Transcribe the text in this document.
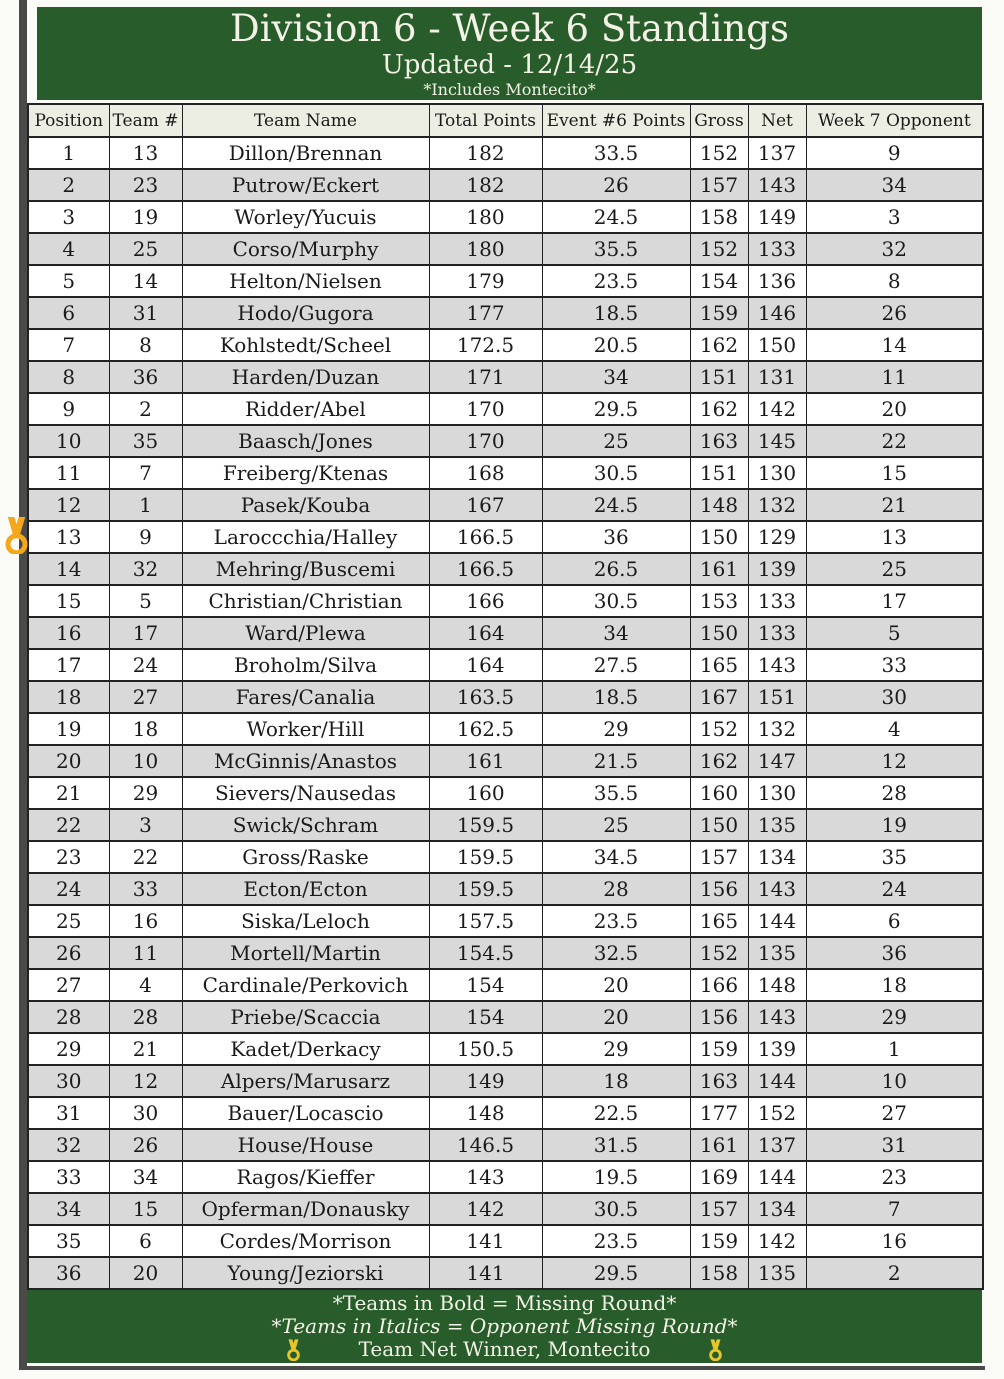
Division 6 - Week 6 Standings
Updated - 12/14/25
*Includes Montecito*
Position	Team #	Team Name	Total Points	Event #6 Points	Gross	Net	Week 7 Opponent
1	13	Dillon/Brennan	182	33.5	152	137	9
2	23	Putrow/Eckert	182	26	157	143	34
3	19	Worley/Yucuis	180	24.5	158	149	3
4	25	Corso/Murphy	180	35.5	152	133	32
5	14	Helton/Nielsen	179	23.5	154	136	8
6	31	Hodo/Gugora	177	18.5	159	146	26
7	8	Kohlstedt/Scheel	172.5	20.5	162	150	14
8	36	Harden/Duzan	171	34	151	131	11
9	2	Ridder/Abel	170	29.5	162	142	20
10	35	Baasch/Jones	170	25	163	145	22
11	7	Freiberg/Ktenas	168	30.5	151	130	15
12	1	Pasek/Kouba	167	24.5	148	132	21
13	9	Laroccchia/Halley	166.5	36	150	129	13
14	32	Mehring/Buscemi	166.5	26.5	161	139	25
15	5	Christian/Christian	166	30.5	153	133	17
16	17	Ward/Plewa	164	34	150	133	5
17	24	Broholm/Silva	164	27.5	165	143	33
18	27	Fares/Canalia	163.5	18.5	167	151	30
19	18	Worker/Hill	162.5	29	152	132	4
20	10	McGinnis/Anastos	161	21.5	162	147	12
21	29	Sievers/Nausedas	160	35.5	160	130	28
22	3	Swick/Schram	159.5	25	150	135	19
23	22	Gross/Raske	159.5	34.5	157	134	35
24	33	Ecton/Ecton	159.5	28	156	143	24
25	16	Siska/Leloch	157.5	23.5	165	144	6
26	11	Mortell/Martin	154.5	32.5	152	135	36
27	4	Cardinale/Perkovich	154	20	166	148	18
28	28	Priebe/Scaccia	154	20	156	143	29
29	21	Kadet/Derkacy	150.5	29	159	139	1
30	12	Alpers/Marusarz	149	18	163	144	10
31	30	Bauer/Locascio	148	22.5	177	152	27
32	26	House/House	146.5	31.5	161	137	31
33	34	Ragos/Kieffer	143	19.5	169	144	23
34	15	Opferman/Donausky	142	30.5	157	134	7
35	6	Cordes/Morrison	141	23.5	159	142	16
36	20	Young/Jeziorski	141	29.5	158	135	2
*Teams in Bold = Missing Round*
*Teams in Italics = Opponent Missing Round*
Team Net Winner, Montecito
